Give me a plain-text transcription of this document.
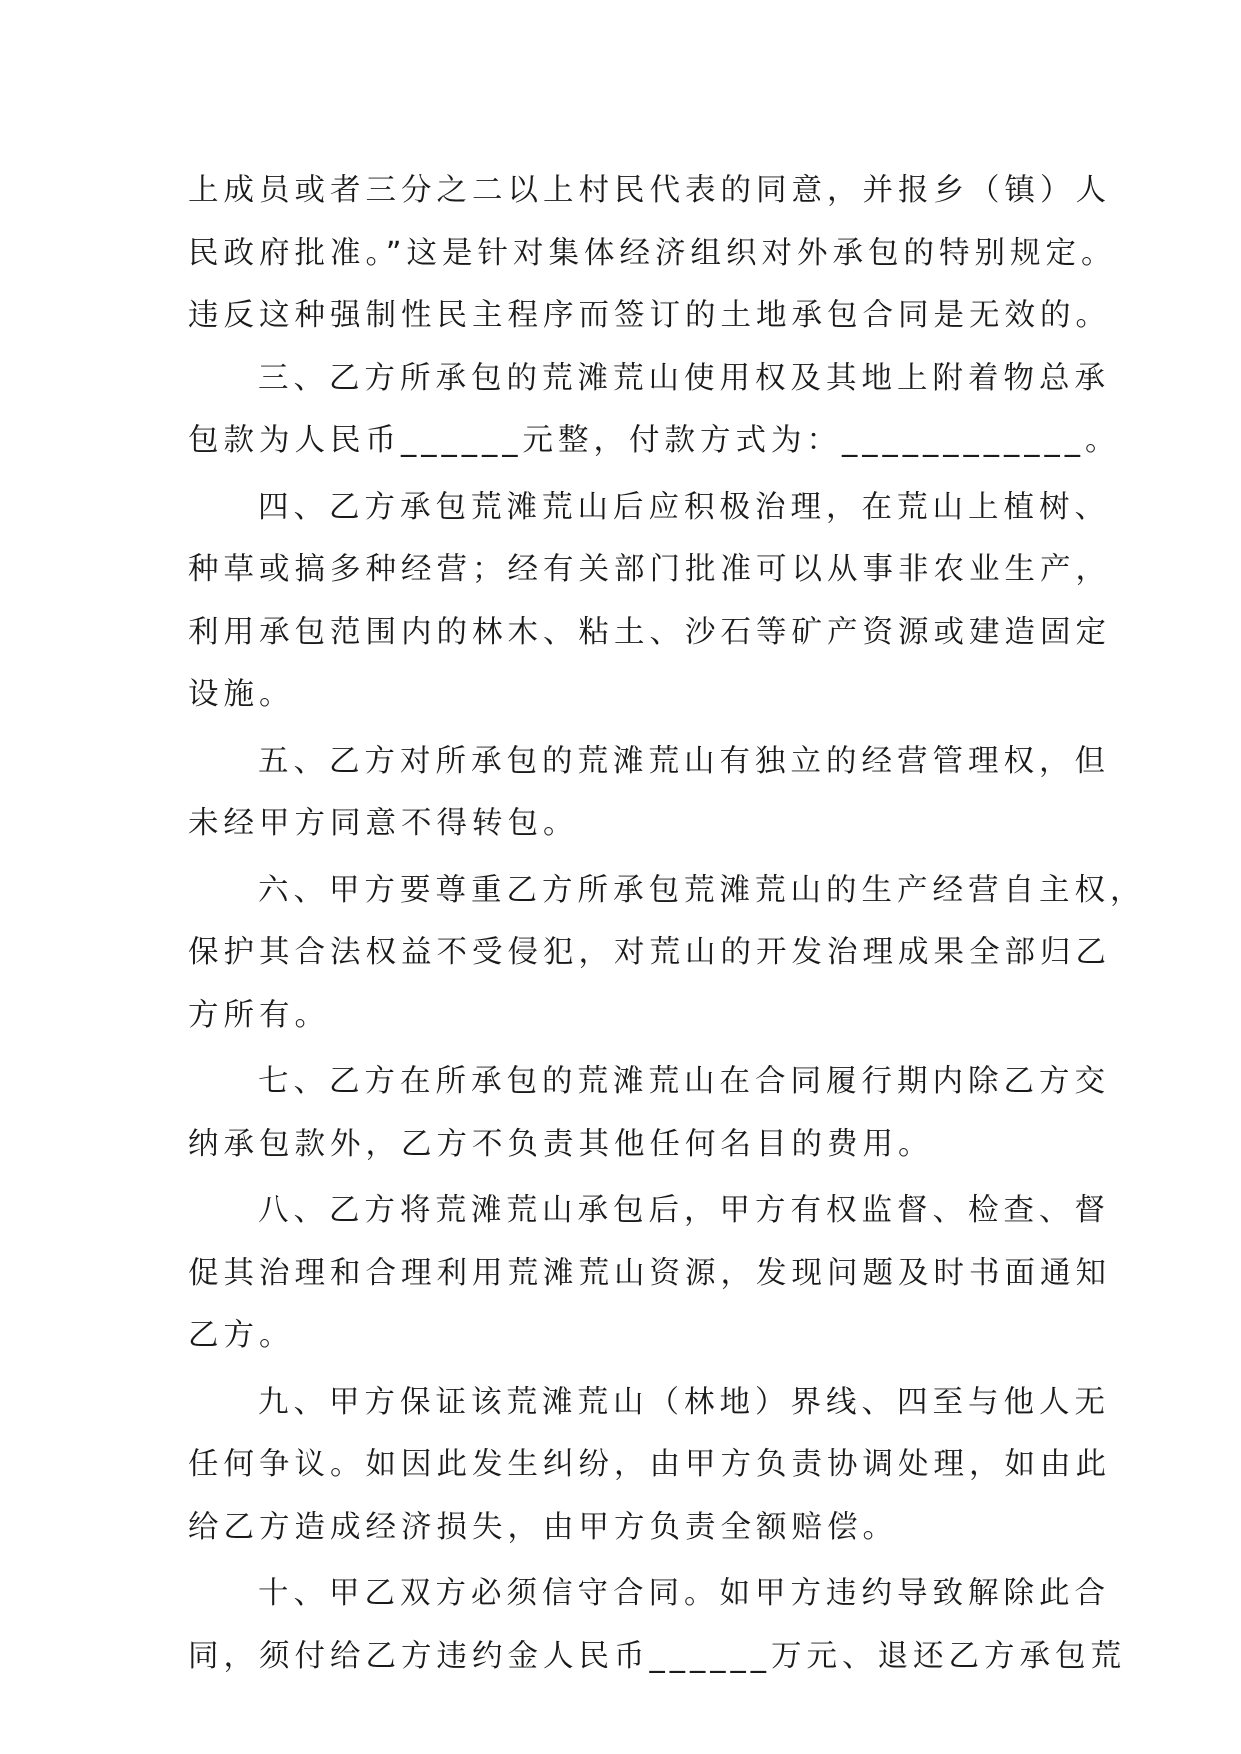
上成员或者三分之二以上村民代表的同意，并报乡（镇）人
民政府批准。”这是针对集体经济组织对外承包的特别规定。
违反这种强制性民主程序而签订的土地承包合同是无效的。
三、乙方所承包的荒滩荒山使用权及其地上附着物总承
包款为人民币______元整，付款方式为：____________。
四、乙方承包荒滩荒山后应积极治理，在荒山上植树、
种草或搞多种经营；经有关部门批准可以从事非农业生产，
利用承包范围内的林木、粘土、沙石等矿产资源或建造固定
设施。
五、乙方对所承包的荒滩荒山有独立的经营管理权，但
未经甲方同意不得转包。
六、甲方要尊重乙方所承包荒滩荒山的生产经营自主权，
保护其合法权益不受侵犯，对荒山的开发治理成果全部归乙
方所有。
七、乙方在所承包的荒滩荒山在合同履行期内除乙方交
纳承包款外，乙方不负责其他任何名目的费用。
八、乙方将荒滩荒山承包后，甲方有权监督、检查、督
促其治理和合理利用荒滩荒山资源，发现问题及时书面通知
乙方。
九、甲方保证该荒滩荒山（林地）界线、四至与他人无
任何争议。如因此发生纠纷，由甲方负责协调处理，如由此
给乙方造成经济损失，由甲方负责全额赔偿。
十、甲乙双方必须信守合同。如甲方违约导致解除此合
同，须付给乙方违约金人民币______万元、退还乙方承包荒
